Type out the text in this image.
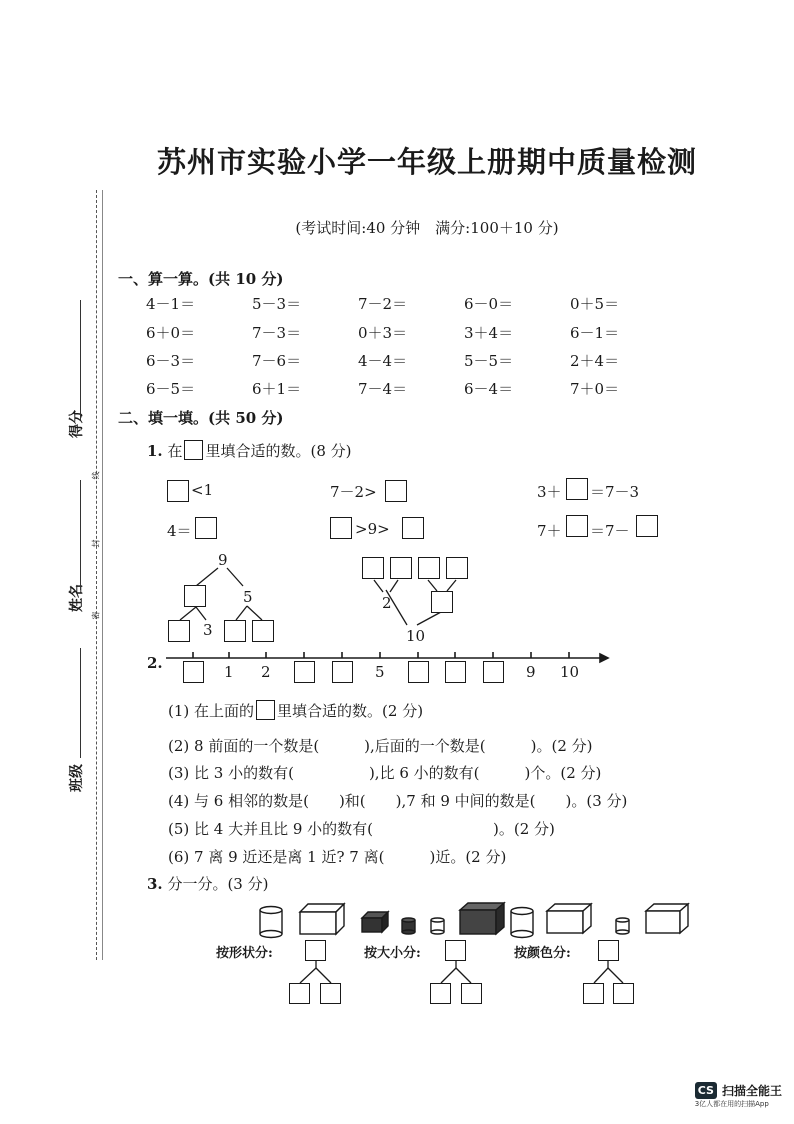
苏州市实验小学一年级上册期中质量检测
(考试时间:40 分钟　满分:100＋10 分)
得分
姓名
班级
线
封
密
一、算一算。(共 10 分)
4－1＝	5－3＝	7－2＝	6－0＝	0＋5＝
6＋0＝	7－3＝	0＋3＝	3＋4＝	6－1＝
6－3＝	7－6＝	4－4＝	5－5＝	2＋4＝
6－5＝	6＋1＝	7－4＝	6－4＝	7＋0＝
二、填一填。(共 50 分)
1. 在 里填合适的数。(8 分)
<1	7－2>	3＋ ＝7－3
4＝	>9>	7＋ ＝7－
9
5
3
2
10
2.	1 2	5	9 10
(1) 在上面的 里填合适的数。(2 分)
(2) 8 前面的一个数是(　　　),后面的一个数是(　　　)。(2 分)
(3) 比 3 小的数有(　　　　　),比 6 小的数有(　　　)个。(2 分)
(4) 与 6 相邻的数是(　　)和(　　),7 和 9 中间的数是(　　)。(3 分)
(5) 比 4 大并且比 9 小的数有(　　　　　　　　)。(2 分)
(6) 7 离 9 近还是离 1 近? 7 离(　　　)近。(2 分)
3. 分一分。(3 分)
按形状分:	按大小分:	按颜色分:
CS 扫描全能王
3亿人都在用的扫描App
